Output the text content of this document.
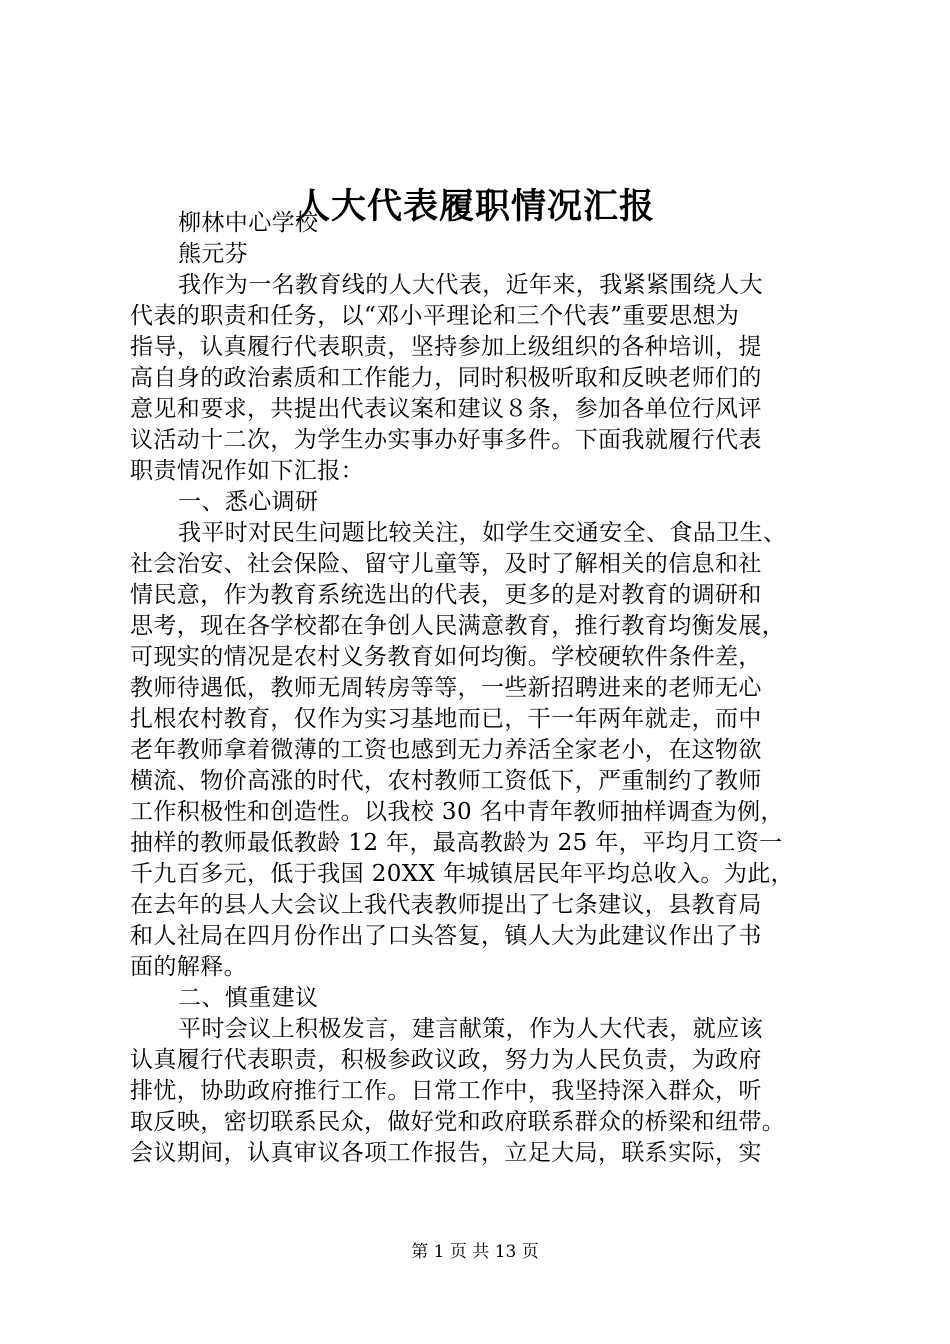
人大代表履职情况汇报
柳林中心学校
熊元芬
我作为一名教育线的人大代表，近年来，我紧紧围绕人大
代表的职责和任务，以“邓小平理论和三个代表”重要思想为
指导，认真履行代表职责，坚持参加上级组织的各种培训，提
高自身的政治素质和工作能力，同时积极听取和反映老师们的
意见和要求，共提出代表议案和建议８条，参加各单位行风评
议活动十二次，为学生办实事办好事多件。下面我就履行代表
职责情况作如下汇报：
一、悉心调研
我平时对民生问题比较关注，如学生交通安全、食品卫生、
社会治安、社会保险、留守儿童等，及时了解相关的信息和社
情民意，作为教育系统选出的代表，更多的是对教育的调研和
思考，现在各学校都在争创人民满意教育，推行教育均衡发展，
可现实的情况是农村义务教育如何均衡。学校硬软件条件差，
教师待遇低，教师无周转房等等，一些新招聘进来的老师无心
扎根农村教育，仅作为实习基地而已，干一年两年就走，而中
老年教师拿着微薄的工资也感到无力养活全家老小，在这物欲
横流、物价高涨的时代，农村教师工资低下，严重制约了教师
工作积极性和创造性。以我校 30 名中青年教师抽样调查为例，
抽样的教师最低教龄 12 年，最高教龄为 25 年，平均月工资一
千九百多元，低于我国 20XX 年城镇居民年平均总收入。为此，
在去年的县人大会议上我代表教师提出了七条建议，县教育局
和人社局在四月份作出了口头答复，镇人大为此建议作出了书
面的解释。
二、慎重建议
平时会议上积极发言，建言献策，作为人大代表，就应该
认真履行代表职责，积极参政议政，努力为人民负责，为政府
排忧，协助政府推行工作。日常工作中，我坚持深入群众，听
取反映，密切联系民众，做好党和政府联系群众的桥梁和纽带。
会议期间，认真审议各项工作报告，立足大局，联系实际，实
第 1 页 共 13 页
